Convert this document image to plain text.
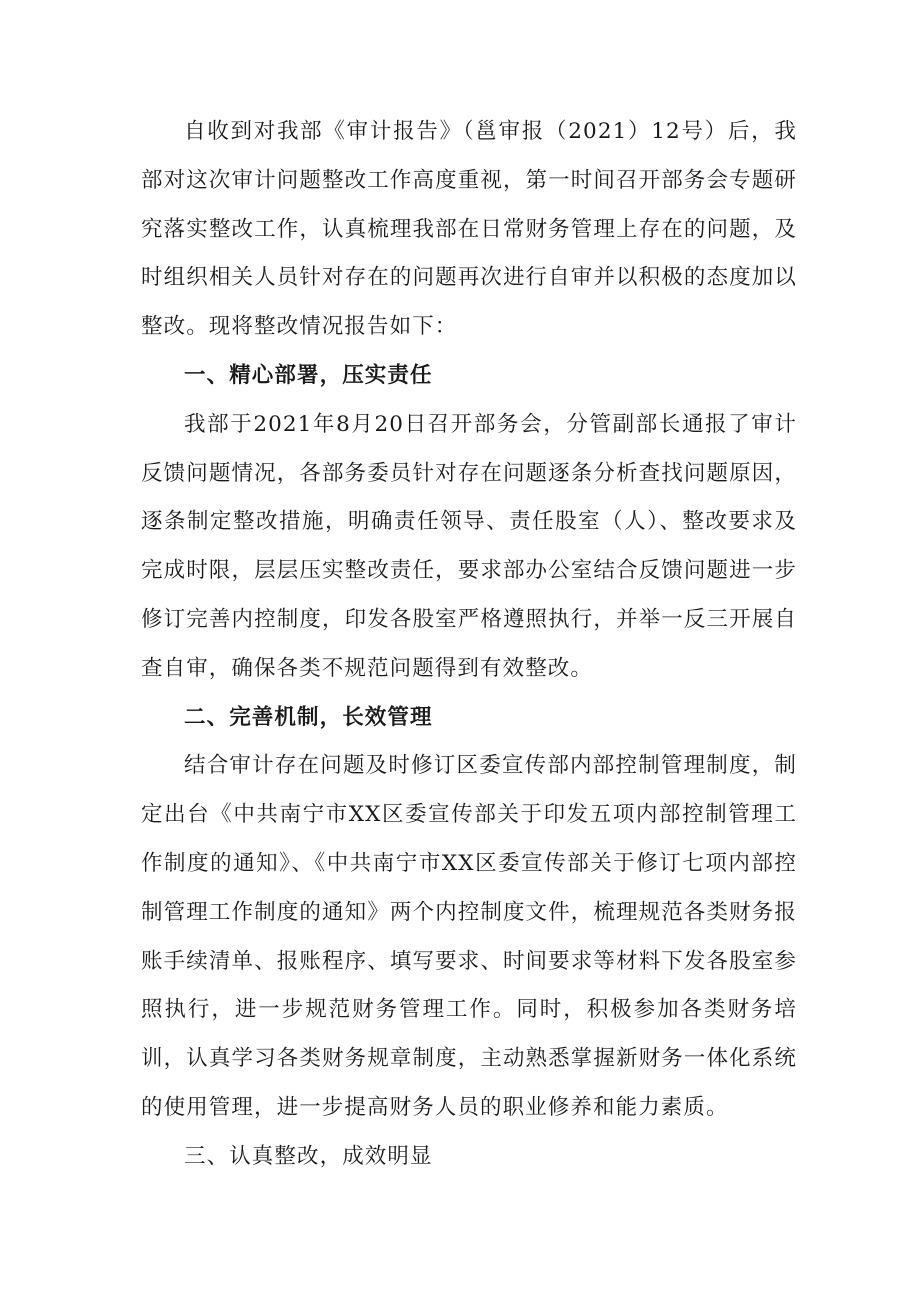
自收到对我部《审计报告》（邕审报（2021）12号）后，我部对这次审计问题整改工作高度重视，第一时间召开部务会专题研究落实整改工作，认真梳理我部在日常财务管理上存在的问题，及时组织相关人员针对存在的问题再次进行自审并以积极的态度加以整改。现将整改情况报告如下：

一、精心部署，压实责任

我部于2021年8月20日召开部务会，分管副部长通报了审计反馈问题情况，各部务委员针对存在问题逐条分析查找问题原因，逐条制定整改措施，明确责任领导、责任股室（人）、整改要求及完成时限，层层压实整改责任，要求部办公室结合反馈问题进一步修订完善内控制度，印发各股室严格遵照执行，并举一反三开展自查自审，确保各类不规范问题得到有效整改。

二、完善机制，长效管理

结合审计存在问题及时修订区委宣传部内部控制管理制度，制定出台《中共南宁市XX区委宣传部关于印发五项内部控制管理工作制度的通知》、《中共南宁市XX区委宣传部关于修订七项内部控制管理工作制度的通知》两个内控制度文件，梳理规范各类财务报账手续清单、报账程序、填写要求、时间要求等材料下发各股室参照执行，进一步规范财务管理工作。同时，积极参加各类财务培训，认真学习各类财务规章制度，主动熟悉掌握新财务一体化系统的使用管理，进一步提高财务人员的职业修养和能力素质。

三、认真整改，成效明显
